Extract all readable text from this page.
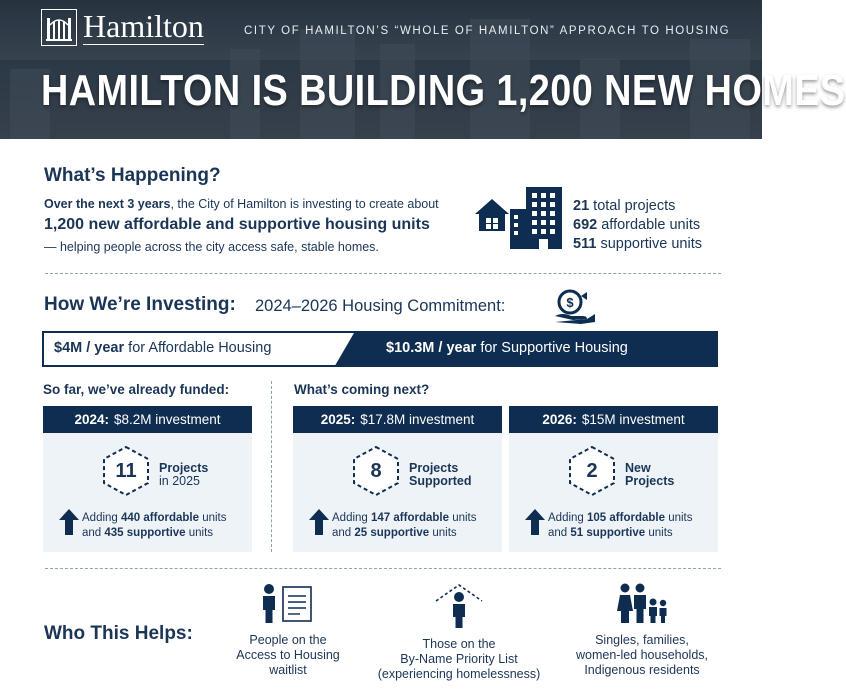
Hamilton	CITY OF HAMILTON’S “WHOLE OF HAMILTON” APPROACH TO HOUSING
HAMILTON IS BUILDING 1,200 NEW HOMES
What’s Happening?
Over the next 3 years, the City of Hamilton is investing to create about
1,200 new affordable and supportive housing units
— helping people across the city access safe, stable homes.
21 total projects
692 affordable units
511 supportive units
How We’re Investing: 2024–2026 Housing Commitment:	$
$4M / year for Affordable Housing	$10.3M / year for Supportive Housing
So far, we’ve already funded:	What’s coming next?
2024: $8.2M investment
11	Projects
in 2025
Adding 440 affordable units
and 435 supportive units
2025: $17.8M investment
8	Projects
Supported
Adding 147 affordable units
and 25 supportive units
2026: $15M investment
2	New
Projects
Adding 105 affordable units
and 51 supportive units
Who This Helps:	People on the
Access to Housing
waitlist
Those on the
By-Name Priority List
(experiencing homelessness)
Singles, families,
women-led households,
Indigenous residents
